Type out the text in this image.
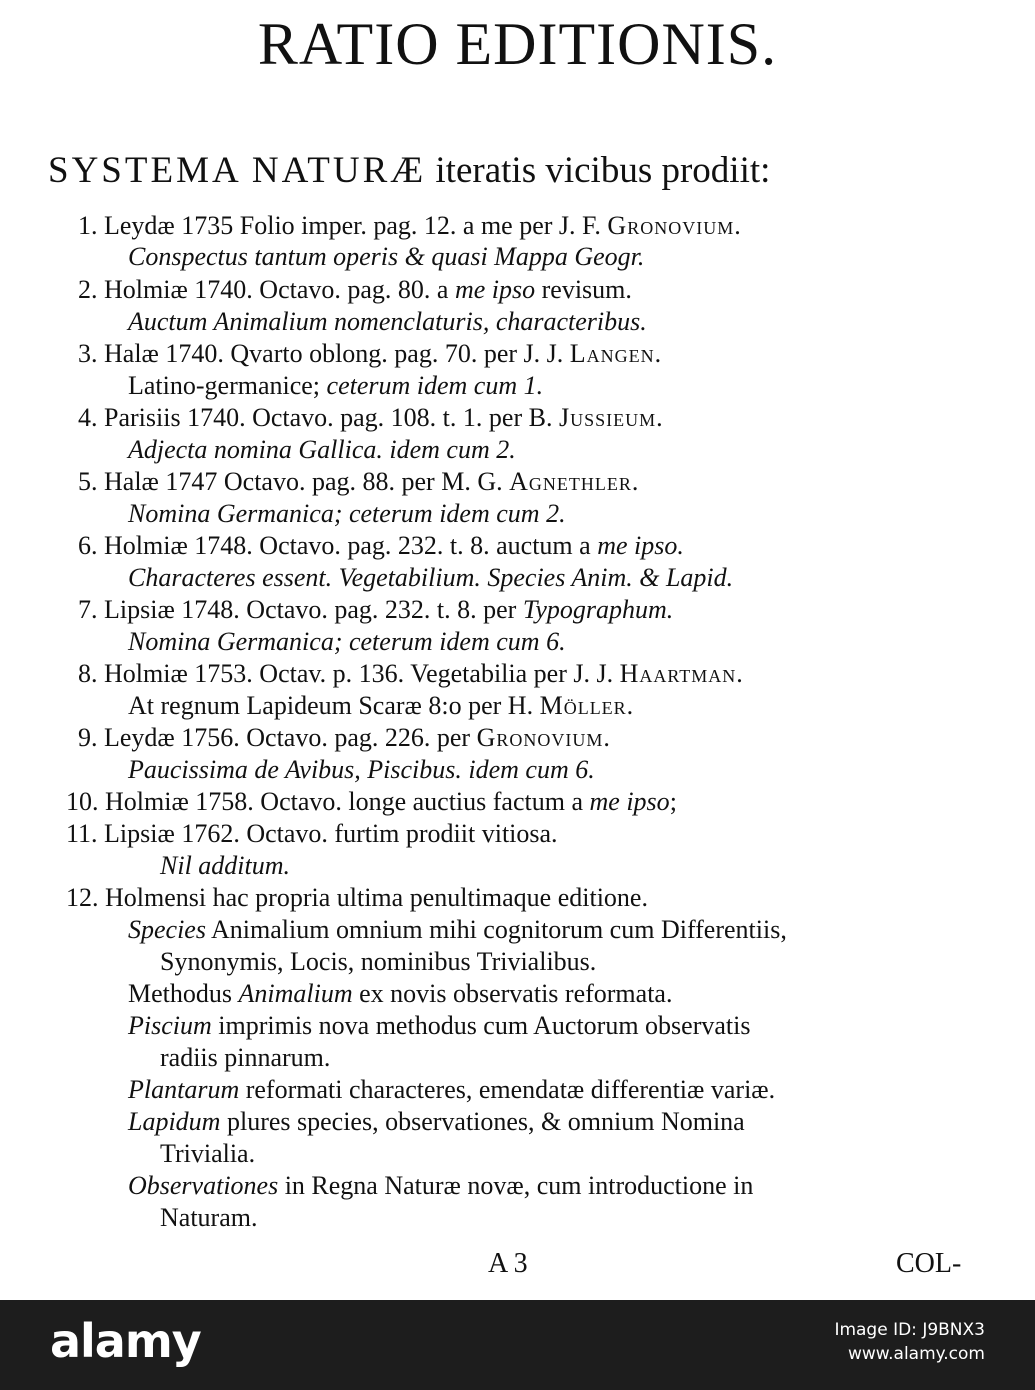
RATIO EDITIONIS.
SYSTEMA NATURÆ iteratis vicibus prodiit:
1. Leydæ 1735 Folio imper. pag. 12. a me per J. F. Gronovium.
Conspectus tantum operis & quasi Mappa Geogr.
2. Holmiæ 1740. Octavo. pag. 80. a me ipso revisum.
Auctum Animalium nomenclaturis, characteribus.
3. Halæ 1740. Qvarto oblong. pag. 70. per J. J. Langen.
Latino-germanice; ceterum idem cum 1.
4. Parisiis 1740. Octavo. pag. 108. t. 1. per B. Jussieum.
Adjecta nomina Gallica. idem cum 2.
5. Halæ 1747 Octavo. pag. 88. per M. G. Agnethler.
Nomina Germanica; ceterum idem cum 2.
6. Holmiæ 1748. Octavo. pag. 232. t. 8. auctum a me ipso.
Characteres essent. Vegetabilium. Species Anim. & Lapid.
7. Lipsiæ 1748. Octavo. pag. 232. t. 8. per Typographum.
Nomina Germanica; ceterum idem cum 6.
8. Holmiæ 1753. Octav. p. 136. Vegetabilia per J. J. Haartman.
At regnum Lapideum Scaræ 8:o per H. Möller.
9. Leydæ 1756. Octavo. pag. 226. per Gronovium.
Paucissima de Avibus, Piscibus. idem cum 6.
10. Holmiæ 1758. Octavo. longe auctius factum a me ipso;
11. Lipsiæ 1762. Octavo. furtim prodiit vitiosa.
Nil additum.
12. Holmensi hac propria ultima penultimaque editione.
Species Animalium omnium mihi cognitorum cum Differentiis,
Synonymis, Locis, nominibus Trivialibus.
Methodus Animalium ex novis observatis reformata.
Piscium imprimis nova methodus cum Auctorum observatis
radiis pinnarum.
Plantarum reformati characteres, emendatæ differentiæ variæ.
Lapidum plures species, observationes, & omnium Nomina
Trivialia.
Observationes in Regna Naturæ novæ, cum introductione in
Naturam.
A 3	COL-
alamy	Image ID: J9BNX3
www.alamy.com
